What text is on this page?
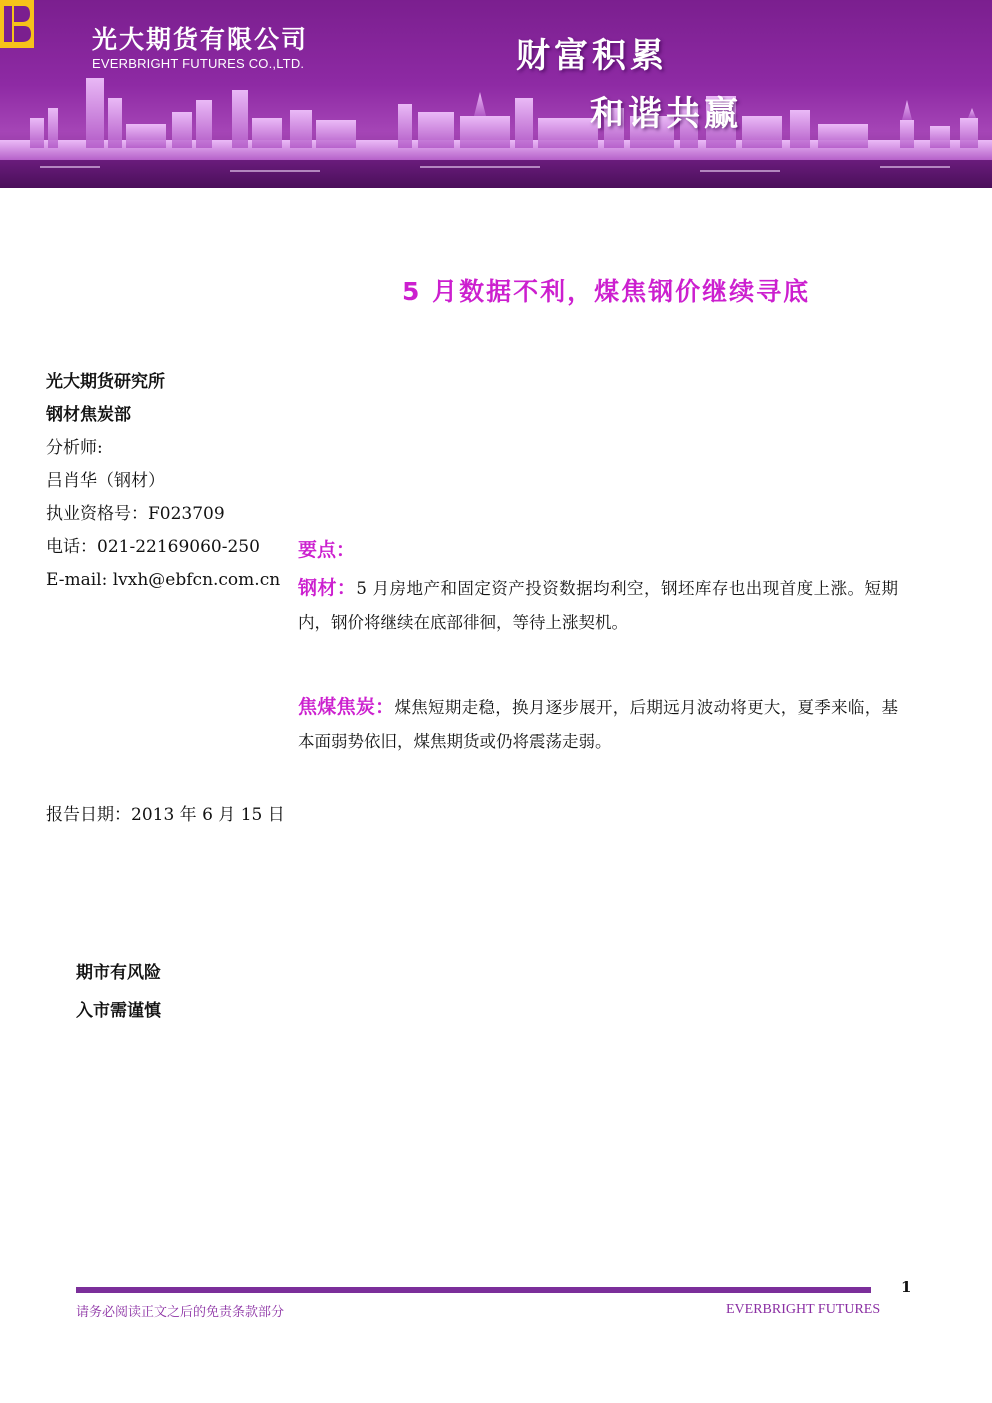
光大期货有限公司
EVERBRIGHT FUTURES CO.,LTD.	财富积累
和谐共赢
5 月数据不利，煤焦钢价继续寻底
光大期货研究所
钢材焦炭部
分析师:
吕肖华（钢材）
执业资格号：F023709
电话：021-22169060-250
E-mail: lvxh@ebfcn.com.cn
报告日期：2013 年 6 月 15 日
要点：
钢材：5 月房地产和固定资产投资数据均利空，钢坯库存也出现首度上涨。短期内，钢价将继续在底部徘徊，等待上涨契机。
焦煤焦炭：煤焦短期走稳，换月逐步展开，后期远月波动将更大，夏季来临，基本面弱势依旧，煤焦期货或仍将震荡走弱。
期市有风险
入市需谨慎
1
请务必阅读正文之后的免责条款部分	EVERBRIGHT FUTURES
